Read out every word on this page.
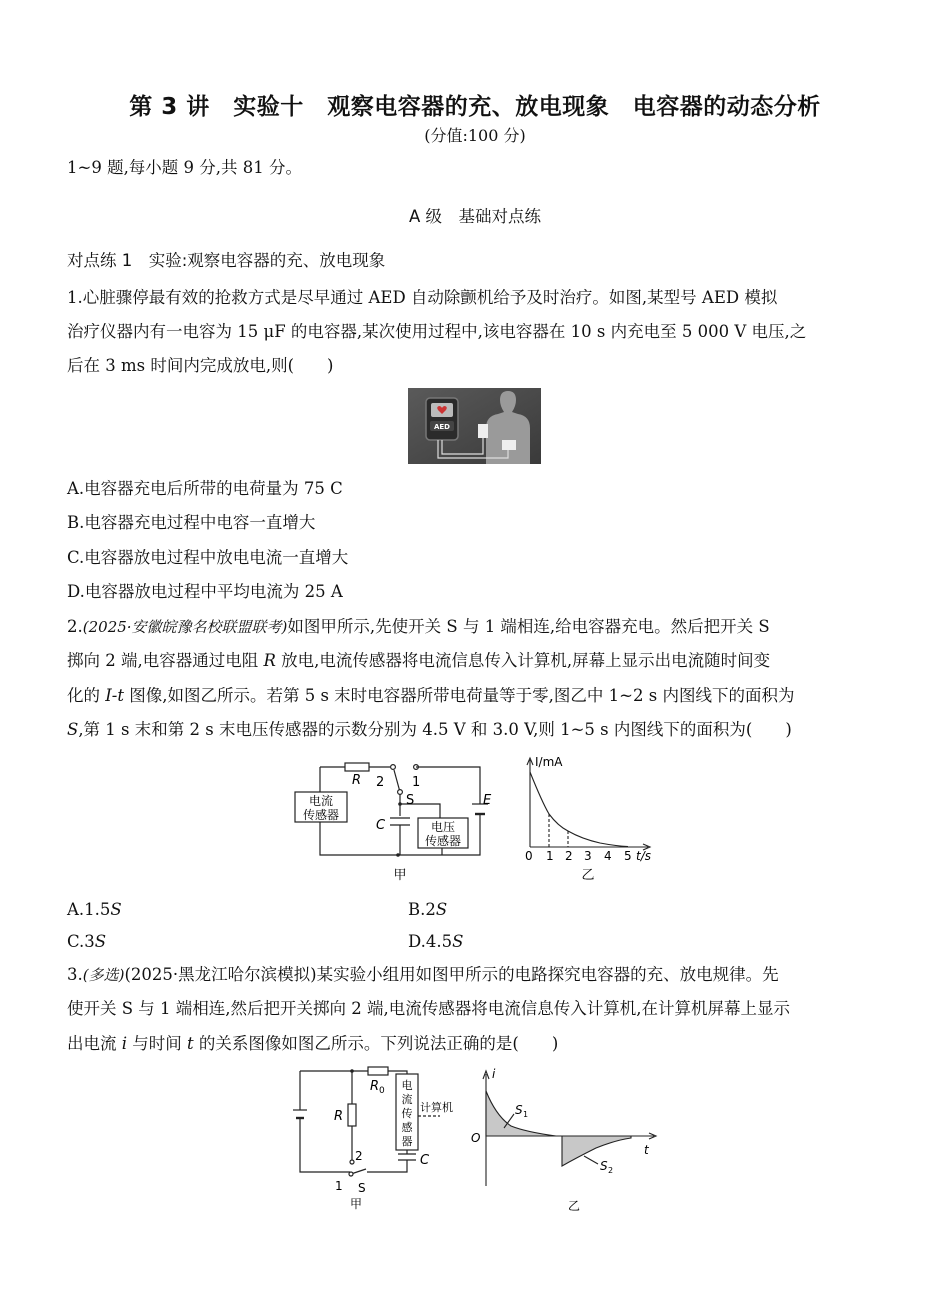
第 3 讲　实验十　观察电容器的充、放电现象　电容器的动态分析
(分值:100 分)
1~9 题,每小题 9 分,共 81 分。
A 级　基础对点练
对点练 1　实验:观察电容器的充、放电现象
1.心脏骤停最有效的抢救方式是尽早通过 AED 自动除颤机给予及时治疗。如图,某型号 AED 模拟
治疗仪器内有一电容为 15 μF 的电容器,某次使用过程中,该电容器在 10 s 内充电至 5 000 V 电压,之
后在 3 ms 时间内完成放电,则(　　)
AED
A.电容器充电后所带的电荷量为 75 C
B.电容器充电过程中电容一直增大
C.电容器放电过程中放电电流一直增大
D.电容器放电过程中平均电流为 25 A
2.(2025·安徽皖豫名校联盟联考)如图甲所示,先使开关 S 与 1 端相连,给电容器充电。然后把开关 S
掷向 2 端,电容器通过电阻 R 放电,电流传感器将电流信息传入计算机,屏幕上显示出电流随时间变
化的 I-t 图像,如图乙所示。若第 5 s 末时电容器所带电荷量等于零,图乙中 1~2 s 内图线下的面积为
S,第 1 s 末和第 2 s 末电压传感器的示数分别为 4.5 V 和 3.0 V,则 1~5 s 内图线下的面积为(　　)
R 2 1
S	E
C
电流
传感器
电压
传感器
甲
I/mA
0 1 2 3 4 5 t/s
乙
A.1.5S	B.2S
C.3S	D.4.5S
3.(多选)(2025·黑龙江哈尔滨模拟)某实验小组用如图甲所示的电路探究电容器的充、放电规律。先
使开关 S 与 1 端相连,然后把开关掷向 2 端,电流传感器将电流信息传入计算机,在计算机屏幕上显示
出电流 i 与时间 t 的关系图像如图乙所示。下列说法正确的是(　　)
R 0
R
C
2
1 S
电
流
传
感
器
计算机
甲
i
O
t
S 1
S 2
乙
